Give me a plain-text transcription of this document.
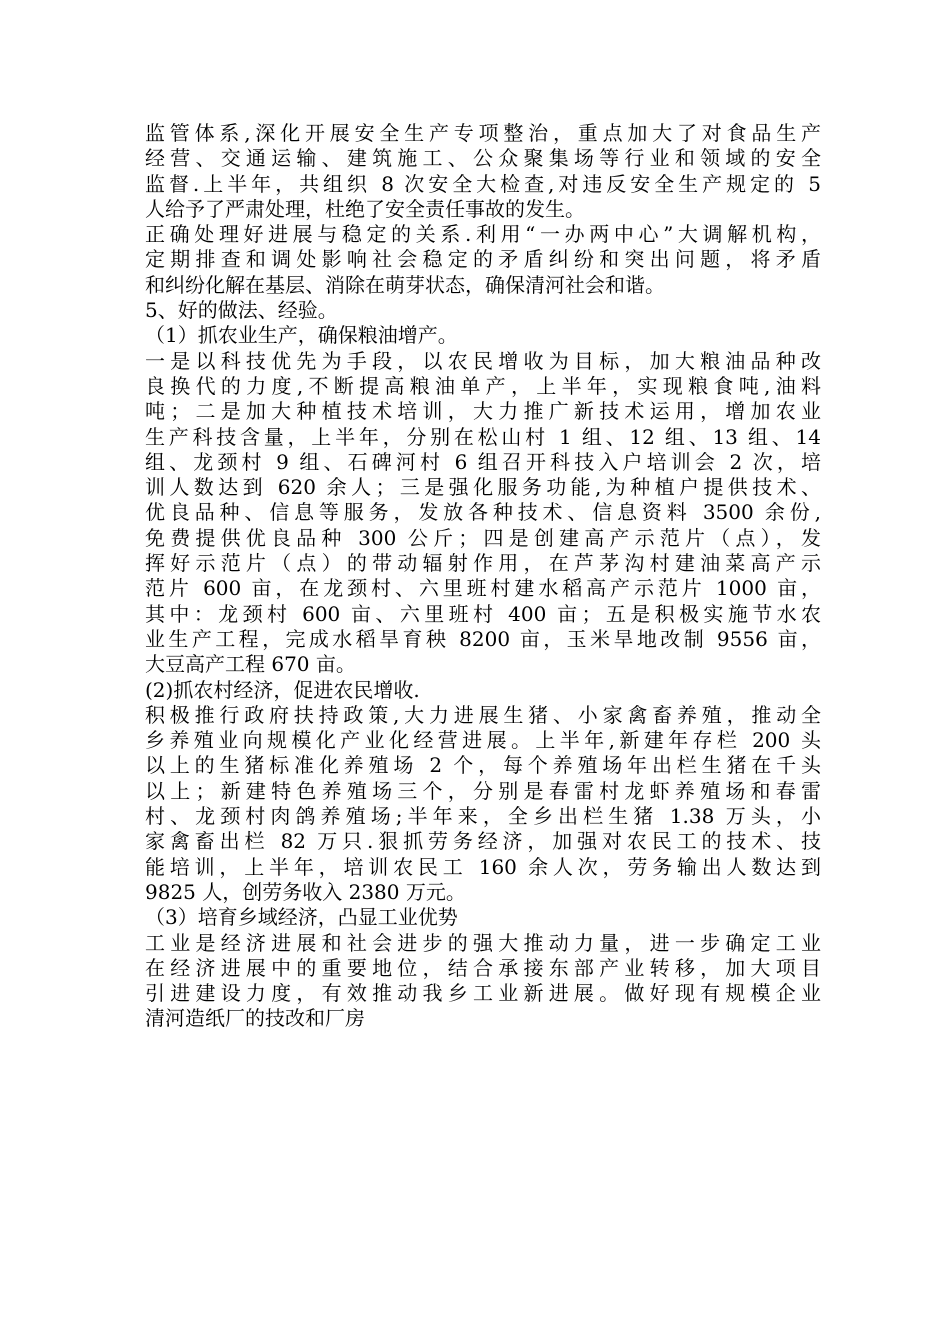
监管体系,深化开展安全生产专项整治，重点加大了对食品生产
经营、交通运输、建筑施工、公众聚集场等行业和领域的安全
监督.上半年，共组织 8 次安全大检查,对违反安全生产规定的 5
人给予了严肃处理，杜绝了安全责任事故的发生。
正确处理好进展与稳定的关系.利用“一办两中心”大调解机构，
定期排查和调处影响社会稳定的矛盾纠纷和突出问题，将矛盾
和纠纷化解在基层、消除在萌芽状态，确保清河社会和谐。
5、好的做法、经验。
（1）抓农业生产，确保粮油增产。
一是以科技优先为手段，以农民增收为目标，加大粮油品种改
良换代的力度,不断提高粮油单产，上半年，实现粮食吨,油料
吨；二是加大种植技术培训，大力推广新技术运用，增加农业
生产科技含量，上半年，分别在松山村 1 组、12 组、13 组、14
组、龙颈村 9 组、石碑河村 6 组召开科技入户培训会 2 次，培
训人数达到 620 余人；三是强化服务功能,为种植户提供技术、
优良品种、信息等服务，发放各种技术、信息资料 3500 余份,
免费提供优良品种 300 公斤；四是创建高产示范片（点），发
挥好示范片（点）的带动辐射作用，在芦茅沟村建油菜高产示
范片 600 亩，在龙颈村、六里班村建水稻高产示范片 1000 亩，
其中：龙颈村 600 亩、六里班村 400 亩；五是积极实施节水农
业生产工程，完成水稻旱育秧 8200 亩，玉米旱地改制 9556 亩，
大豆高产工程 670 亩。
(2)抓农村经济，促进农民增收.
积极推行政府扶持政策,大力进展生猪、小家禽畜养殖，推动全
乡养殖业向规模化产业化经营进展。上半年,新建年存栏 200 头
以上的生猪标准化养殖场 2 个，每个养殖场年出栏生猪在千头
以上；新建特色养殖场三个，分别是春雷村龙虾养殖场和春雷
村、龙颈村肉鸽养殖场;半年来，全乡出栏生猪 1.38 万头，小
家禽畜出栏 82 万只.狠抓劳务经济，加强对农民工的技术、技
能培训，上半年，培训农民工 160 余人次，劳务输出人数达到
9825 人，创劳务收入 2380 万元。
（3）培育乡域经济，凸显工业优势
工业是经济进展和社会进步的强大推动力量，进一步确定工业
在经济进展中的重要地位，结合承接东部产业转移，加大项目
引进建设力度，有效推动我乡工业新进展。做好现有规模企业
清河造纸厂的技改和厂房
